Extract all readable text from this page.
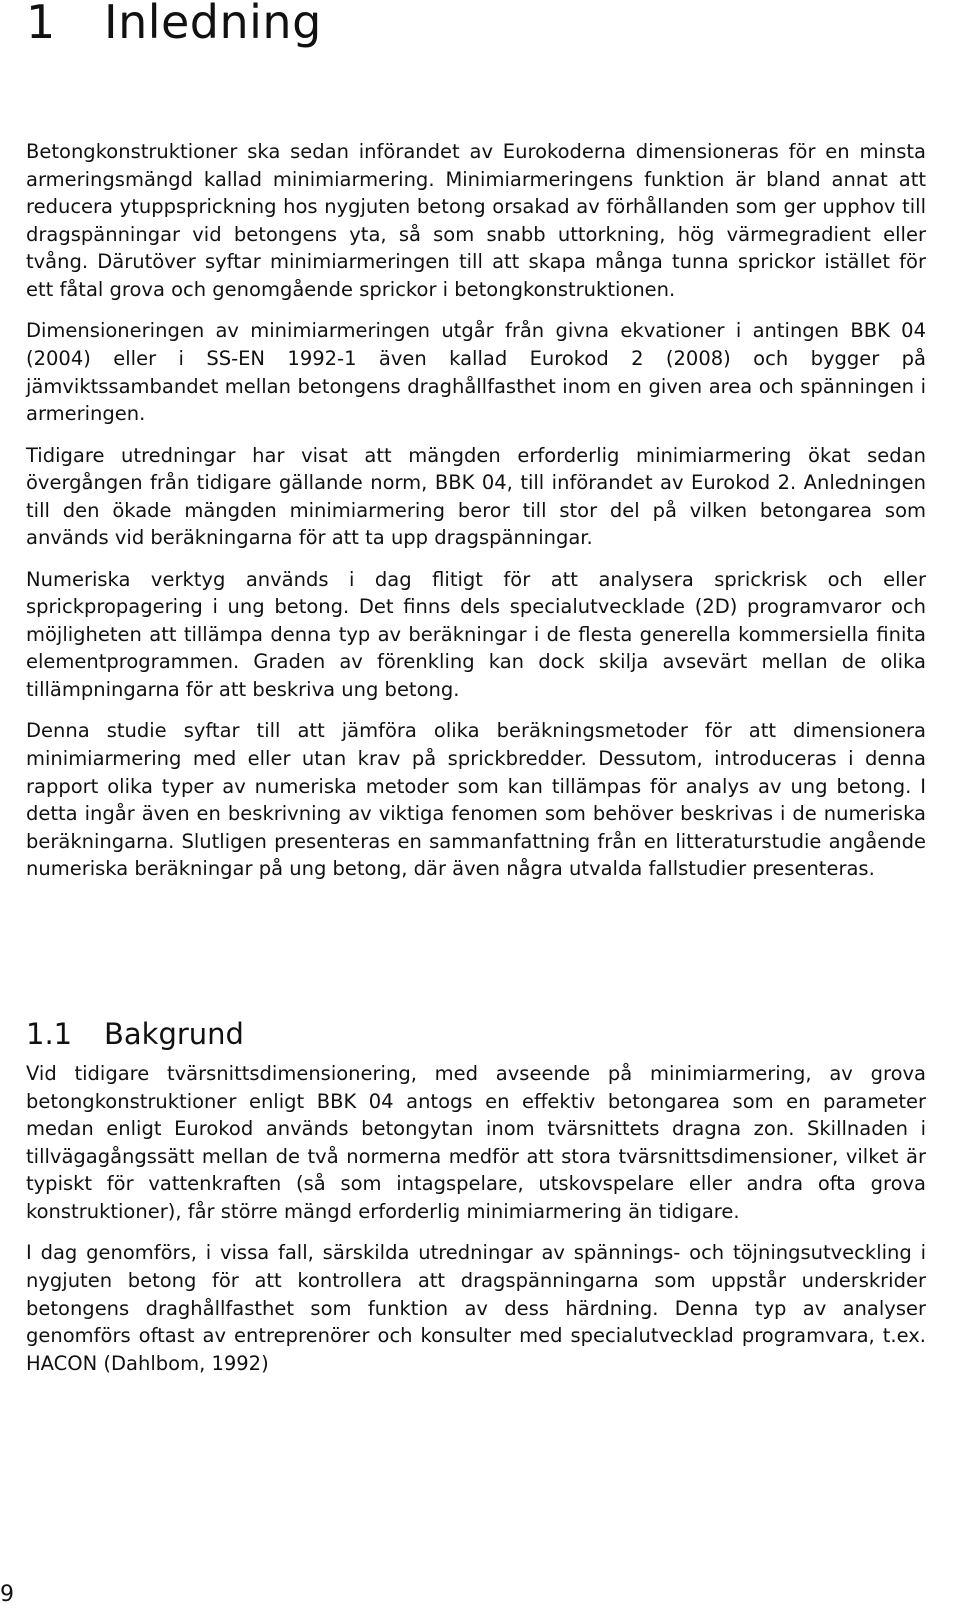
1 Inledning

Betongkonstruktioner ska sedan införandet av Eurokoderna dimensioneras för en minsta armeringsmängd kallad minimiarmering. Minimiarmeringens funktion är bland annat att reducera ytuppsprickning hos nygjuten betong orsakad av förhållanden som ger upphov till dragspänningar vid betongens yta, så som snabb uttorkning, hög värmegradient eller tvång. Därutöver syftar minimiarmeringen till att skapa många tunna sprickor istället för ett fåtal grova och genomgående sprickor i betongkonstruktionen.

Dimensioneringen av minimiarmeringen utgår från givna ekvationer i antingen BBK 04 (2004) eller i SS-EN 1992-1 även kallad Eurokod 2 (2008) och bygger på jämviktssambandet mellan betongens draghållfasthet inom en given area och spänningen i armeringen.

Tidigare utredningar har visat att mängden erforderlig minimiarmering ökat sedan övergången från tidigare gällande norm, BBK 04, till införandet av Eurokod 2. Anledningen till den ökade mängden minimiarmering beror till stor del på vilken betongarea som används vid beräkningarna för att ta upp dragspänningar.

Numeriska verktyg används i dag flitigt för att analysera sprickrisk och eller sprickpropagering i ung betong. Det finns dels specialutvecklade (2D) programvaror och möjligheten att tillämpa denna typ av beräkningar i de flesta generella kommersiella finita elementprogrammen. Graden av förenkling kan dock skilja avsevärt mellan de olika tillämpningarna för att beskriva ung betong.

Denna studie syftar till att jämföra olika beräkningsmetoder för att dimensionera minimiarmering med eller utan krav på sprickbredder. Dessutom, introduceras i denna rapport olika typer av numeriska metoder som kan tillämpas för analys av ung betong. I detta ingår även en beskrivning av viktiga fenomen som behöver beskrivas i de numeriska beräkningarna. Slutligen presenteras en sammanfattning från en litteraturstudie angående numeriska beräkningar på ung betong, där även några utvalda fallstudier presenteras.

1.1 Bakgrund

Vid tidigare tvärsnittsdimensionering, med avseende på minimiarmering, av grova betongkonstruktioner enligt BBK 04 antogs en effektiv betongarea som en parameter medan enligt Eurokod används betongytan inom tvärsnittets dragna zon. Skillnaden i tillvägagångssätt mellan de två normerna medför att stora tvärsnittsdimensioner, vilket är typiskt för vattenkraften (så som intagspelare, utskovspelare eller andra ofta grova konstruktioner), får större mängd erforderlig minimiarmering än tidigare.

I dag genomförs, i vissa fall, särskilda utredningar av spännings- och töjningsutveckling i nygjuten betong för att kontrollera att dragspänningarna som uppstår underskrider betongens draghållfasthet som funktion av dess härdning. Denna typ av analyser genomförs oftast av entreprenörer och konsulter med specialutvecklad programvara, t.ex. HACON (Dahlbom, 1992)

9
